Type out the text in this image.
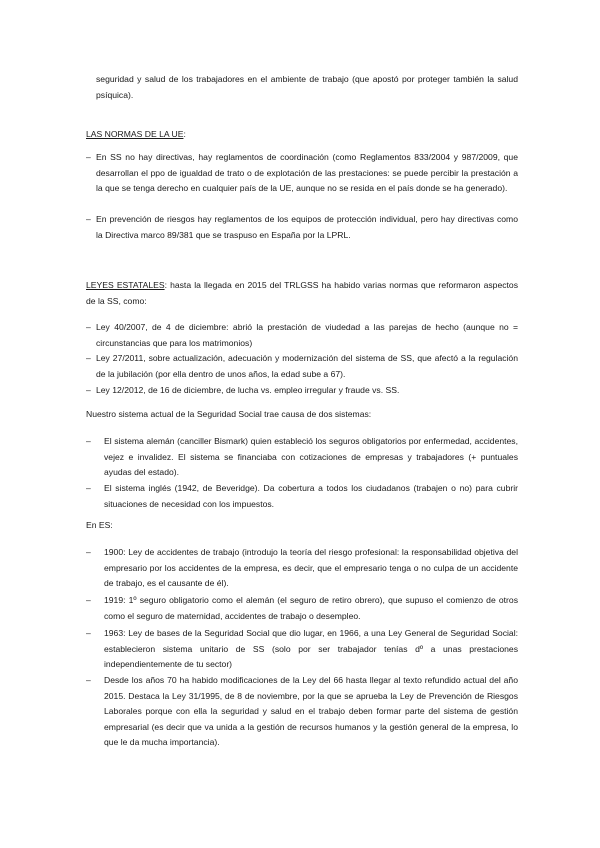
seguridad y salud de los trabajadores en el ambiente de trabajo (que apostó por proteger también la salud psíquica).
LAS NORMAS DE LA UE:
– En SS no hay directivas, hay reglamentos de coordinación (como Reglamentos 833/2004 y 987/2009, que desarrollan el ppo de igualdad de trato o de explotación de las prestaciones: se puede percibir la prestación a la que se tenga derecho en cualquier país de la UE, aunque no se resida en el país donde se ha generado).
– En prevención de riesgos hay reglamentos de los equipos de protección individual, pero hay directivas como la Directiva marco 89/381 que se traspuso en España por la LPRL.
LEYES ESTATALES: hasta la llegada en 2015 del TRLGSS ha habido varias normas que reformaron aspectos de la SS, como:
– Ley 40/2007, de 4 de diciembre: abrió la prestación de viudedad a las parejas de hecho (aunque no = circunstancias que para los matrimonios)
– Ley 27/2011, sobre actualización, adecuación y modernización del sistema de SS, que afectó a la regulación de la jubilación (por ella dentro de unos años, la edad sube a 67).
– Ley 12/2012, de 16 de diciembre, de lucha vs. empleo irregular y fraude vs. SS.
Nuestro sistema actual de la Seguridad Social trae causa de dos sistemas:
– El sistema alemán (canciller Bismark) quien estableció los seguros obligatorios por enfermedad, accidentes, vejez e invalidez. El sistema se financiaba con cotizaciones de empresas y trabajadores (+ puntuales ayudas del estado).
– El sistema inglés (1942, de Beveridge). Da cobertura a todos los ciudadanos (trabajen o no) para cubrir situaciones de necesidad con los impuestos.
En ES:
– 1900: Ley de accidentes de trabajo (introdujo la teoría del riesgo profesional: la responsabilidad objetiva del empresario por los accidentes de la empresa, es decir, que el empresario tenga o no culpa de un accidente de trabajo, es el causante de él).
– 1919: 1º seguro obligatorio como el alemán (el seguro de retiro obrero), que supuso el comienzo de otros como el seguro de maternidad, accidentes de trabajo o desempleo.
– 1963: Ley de bases de la Seguridad Social que dio lugar, en 1966, a una Ley General de Seguridad Social: establecieron sistema unitario de SS (solo por ser trabajador tenías dº a unas prestaciones independientemente de tu sector)
– Desde los años 70 ha habido modificaciones de la Ley del 66 hasta llegar al texto refundido actual del año 2015. Destaca la Ley 31/1995, de 8 de noviembre, por la que se aprueba la Ley de Prevención de Riesgos Laborales porque con ella la seguridad y salud en el trabajo deben formar parte del sistema de gestión empresarial (es decir que va unida a la gestión de recursos humanos y la gestión general de la empresa, lo que le da mucha importancia).
